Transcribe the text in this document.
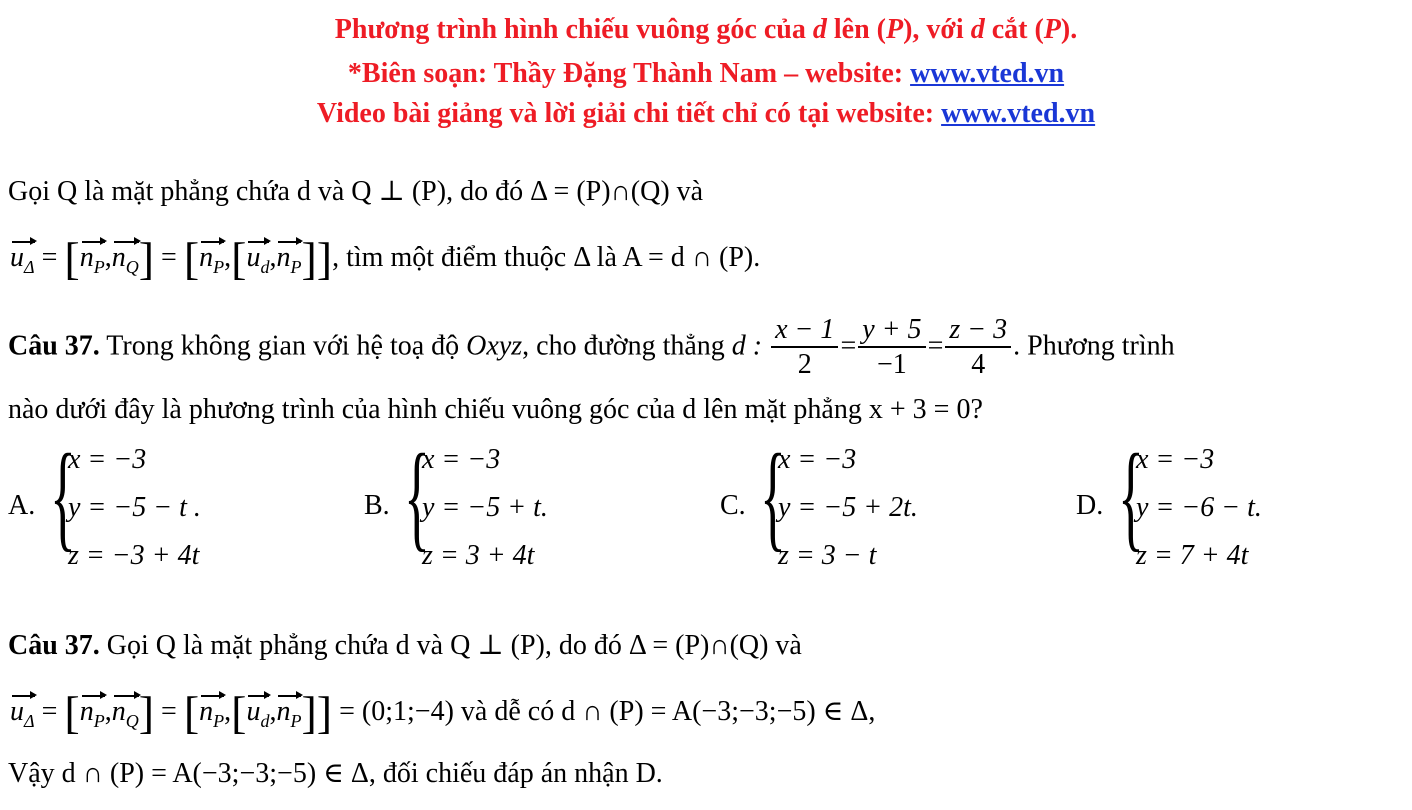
Phương trình hình chiếu vuông góc của d lên (P), với d cắt (P).
*Biên soạn: Thầy Đặng Thành Nam – website: www.vted.vn
Video bài giảng và lời giải chi tiết chỉ có tại website: www.vted.vn
Gọi Q là mặt phẳng chứa d và Q ⊥ (P), do đó Δ = (P)∩(Q) và
$u_\Delta = [n_P,n_Q] = [n_P,[u_d,n_P]]$, tìm một điểm thuộc Δ là A = d ∩ (P).
Câu 37. Trong không gian với hệ toạ độ Oxyz, cho đường thẳng d : $\frac{x - 1}{2} = \frac{y + 5}{-1} = \frac{z - 3}{4}$ . Phương trình
nào dưới đây là phương trình của hình chiếu vuông góc của d lên mặt phẳng x + 3 = 0?
A. {
x = −3
y = −5 − t .
z = −3 + 4t
B. {
x = −3
y = −5 + t.
z = 3 + 4t
C. {
x = −3
y = −5 + 2t.
z = 3 − t
D. {
x = −3
y = −6 − t.
z = 7 + 4t
Câu 37. Gọi Q là mặt phẳng chứa d và Q ⊥ (P), do đó Δ = (P)∩(Q) và
$u_\Delta = [n_P,n_Q] = [n_P,[u_d,n_P]]$ = (0;1;−4) và dễ có d ∩ (P) = A(−3;−3;−5) ∈ Δ,
Vậy d ∩ (P) = A(−3;−3;−5) ∈ Δ, đối chiếu đáp án nhận D.
